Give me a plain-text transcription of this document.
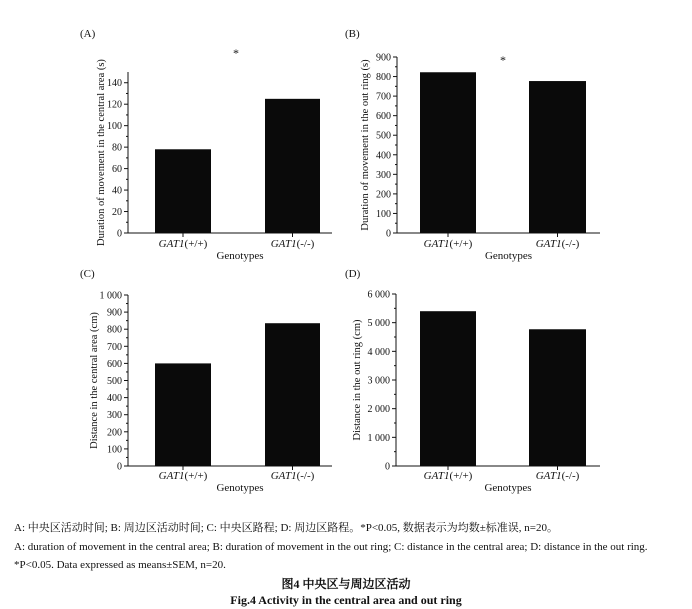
(A)
0
20
40
60
80
100
120
140
GAT1(+/+)	GAT1(-/-)
Genotypes
Duration of movement in the central area (s)
*
(B)
0
100
200
300
400
500
600
700
800
900
GAT1(+/+)	GAT1(-/-)
Genotypes
Duration of movement in the out ring (s)	*
(C)
0
100
200
300
400
500
600
700
800
900
1 000
GAT1(+/+)	GAT1(-/-)
Genotypes
Distance in the central area (cm)
(D)
0
1 000
2 000
3 000
4 000
5 000
6 000
GAT1(+/+)	GAT1(-/-)
Genotypes
Distance in the out ring (cm)
A: 中央区活动时间; B: 周边区活动时间; C: 中央区路程; D: 周边区路程。*P<0.05, 数据表示为均数±标准误, n=20。
A: duration of movement in the central area; B: duration of movement in the out ring; C: distance in the central area; D: distance in the out ring.
*P<0.05. Data expressed as means±SEM, n=20.
图4 中央区与周边区活动
Fig.4 Activity in the central area and out ring
